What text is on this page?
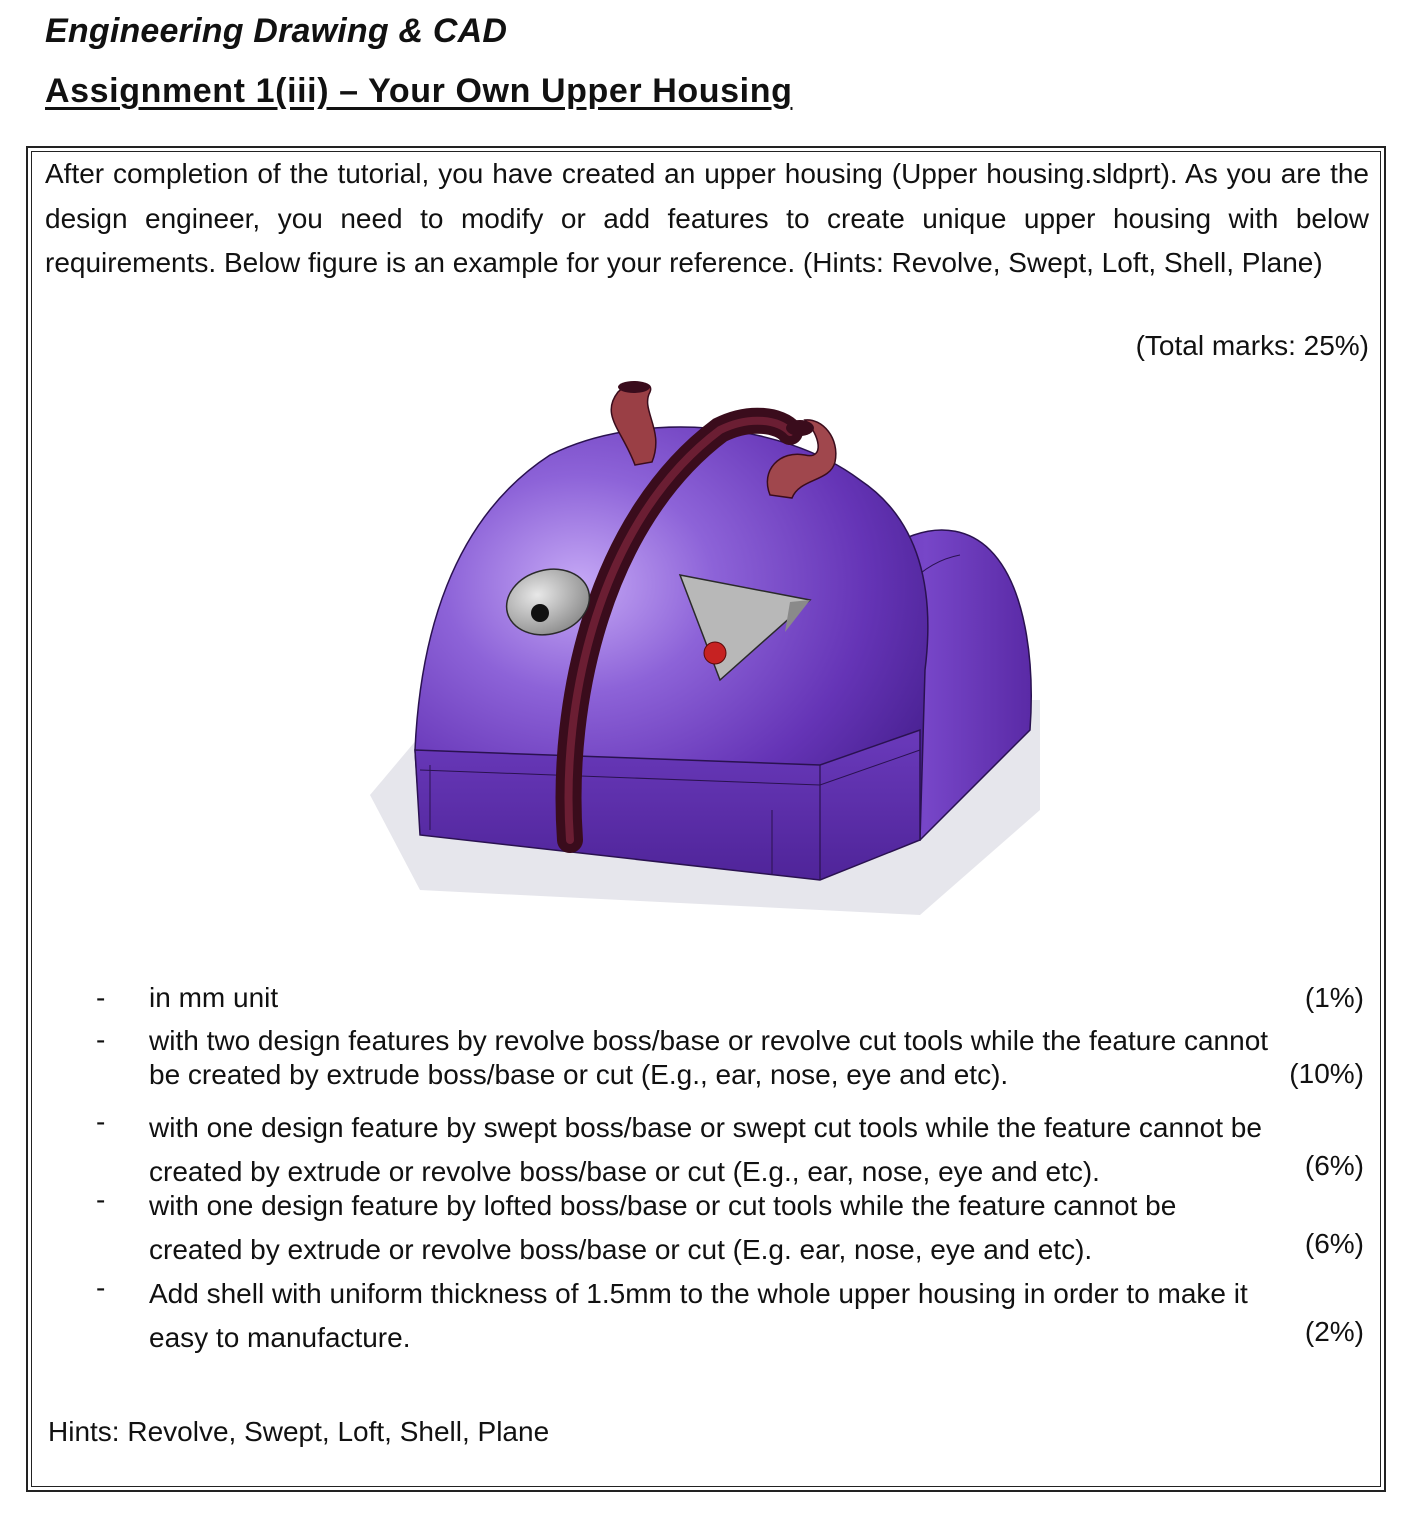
Engineering Drawing & CAD
Assignment 1(iii) – Your Own Upper Housing
After completion of the tutorial, you have created an upper housing (Upper housing.sldprt). As you are the design engineer, you need to modify or add features to create unique upper housing with below requirements. Below figure is an example for your reference. (Hints: Revolve, Swept, Loft, Shell, Plane)
(Total marks: 25%)
- in mm unit	(1%)
- with two design features by revolve boss/base or revolve cut tools while the feature cannot
be created by extrude boss/base or cut (E.g., ear, nose, eye and etc).	(10%)
- with one design feature by swept boss/base or swept cut tools while the feature cannot be
created by extrude or revolve boss/base or cut (E.g., ear, nose, eye and etc).	(6%)
- with one design feature by lofted boss/base or cut tools while the feature cannot be
created by extrude or revolve boss/base or cut (E.g. ear, nose, eye and etc).	(6%)
- Add shell with uniform thickness of 1.5mm to the whole upper housing in order to make it
easy to manufacture.	(2%)
Hints: Revolve, Swept, Loft, Shell, Plane
